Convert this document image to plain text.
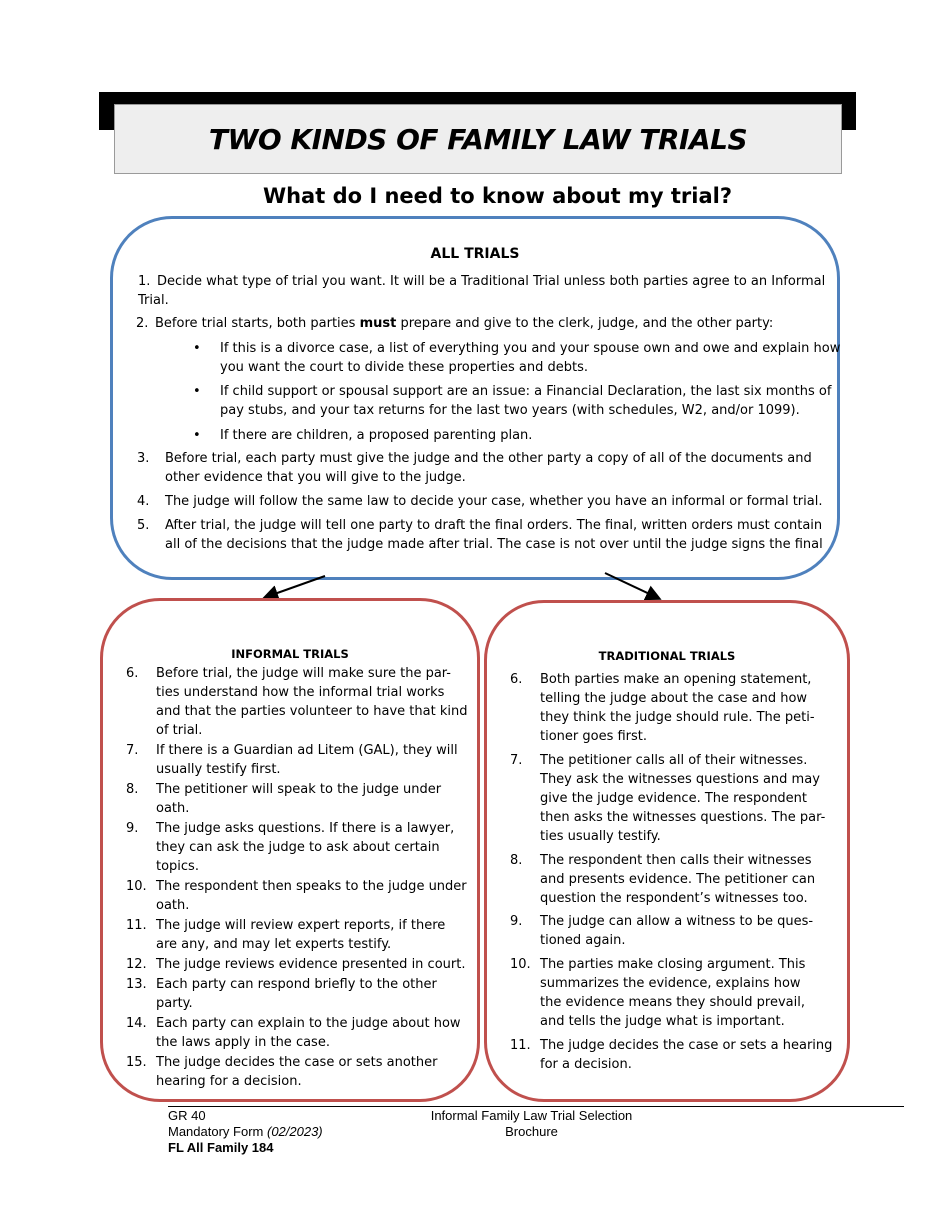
TWO KINDS OF FAMILY LAW TRIALS
What do I need to know about my trial?
ALL TRIALS
1. Decide what type of trial you want. It will be a Traditional Trial unless both parties agree to an Informal
Trial.
2. Before trial starts, both parties must prepare and give to the clerk, judge, and the other party:
• If this is a divorce case, a list of everything you and your spouse own and owe and explain how
you want the court to divide these properties and debts.
• If child support or spousal support are an issue: a Financial Declaration, the last six months of
pay stubs, and your tax returns for the last two years (with schedules, W2, and/or 1099).
• If there are children, a proposed parenting plan.
3. Before trial, each party must give the judge and the other party a copy of all of the documents and
other evidence that you will give to the judge.
4. The judge will follow the same law to decide your case, whether you have an informal or formal trial.
5. After trial, the judge will tell one party to draft the final orders. The final, written orders must contain
all of the decisions that the judge made after trial. The case is not over until the judge signs the final
INFORMAL TRIALS
6. Before trial, the judge will make sure the par-
ties understand how the informal trial works
and that the parties volunteer to have that kind
of trial.
7. If there is a Guardian ad Litem (GAL), they will
usually testify first.
8. The petitioner will speak to the judge under
oath.
9. The judge asks questions. If there is a lawyer,
they can ask the judge to ask about certain
topics.
10. The respondent then speaks to the judge under
oath.
11. The judge will review expert reports, if there
are any, and may let experts testify.
12. The judge reviews evidence presented in court.
13. Each party can respond briefly to the other
party.
14. Each party can explain to the judge about how
the laws apply in the case.
15. The judge decides the case or sets another
hearing for a decision.
TRADITIONAL TRIALS
6. Both parties make an opening statement,
telling the judge about the case and how
they think the judge should rule. The peti-
tioner goes first.
7. The petitioner calls all of their witnesses.
They ask the witnesses questions and may
give the judge evidence. The respondent
then asks the witnesses questions. The par-
ties usually testify.
8. The respondent then calls their witnesses
and presents evidence. The petitioner can
question the respondent’s witnesses too.
9. The judge can allow a witness to be ques-
tioned again.
10. The parties make closing argument. This
summarizes the evidence, explains how
the evidence means they should prevail,
and tells the judge what is important.
11. The judge decides the case or sets a hearing
for a decision.
GR 40
Mandatory Form (02/2023)
FL All Family 184
Informal Family Law Trial Selection
Brochure
